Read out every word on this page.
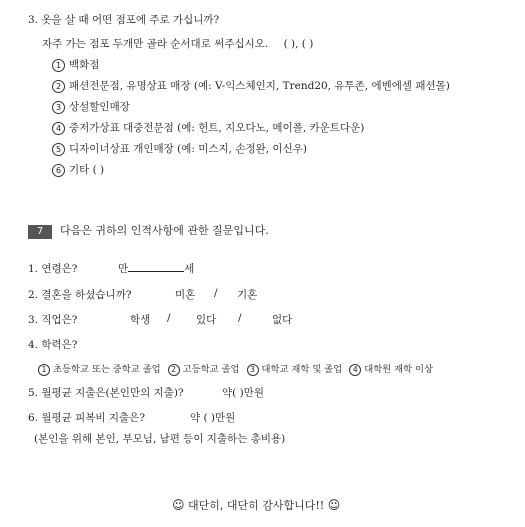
3. 옷을 살 때 어떤 점포에 주로 가십니까?
자주 가는 점포 두개만 골라 순서대로 써주십시오. ( ), ( )
1 백화점
2 패션전문점, 유명상표 매장 (예: V-익스체인지, Trend20, 유투존, 에벤에셀 패션몰)
3 상설할인매장
4 중저가상표 대중전문점 (예: 헌트, 지오다노, 메이폴, 카운트다운)
5 디자이너상표 개인매장 (예: 미스지, 손정완, 이신우)
6 기타 ( )
7 다음은 귀하의 인적사항에 관한 질문입니다.
1. 연령은?	만	세
2. 결혼을 하셨습니까?	미혼 / 기혼
3. 직업은?	학생 / 있다 /	없다
4. 학력은?
1 초등학교 또는 중학교 졸업 2 고등학교 졸업 3 대학교 재학 및 졸업 4 대학원 재학 이상
5. 월평균 지출은(본인만의 지출)?	약( )만원
6. 월평균 피복비 지출은?	약 ( )만원
(본인을 위해 본인, 부모님, 남편 등이 지출하는 총비용)
☺ 대단히, 대단히 감사합니다!! ☺
